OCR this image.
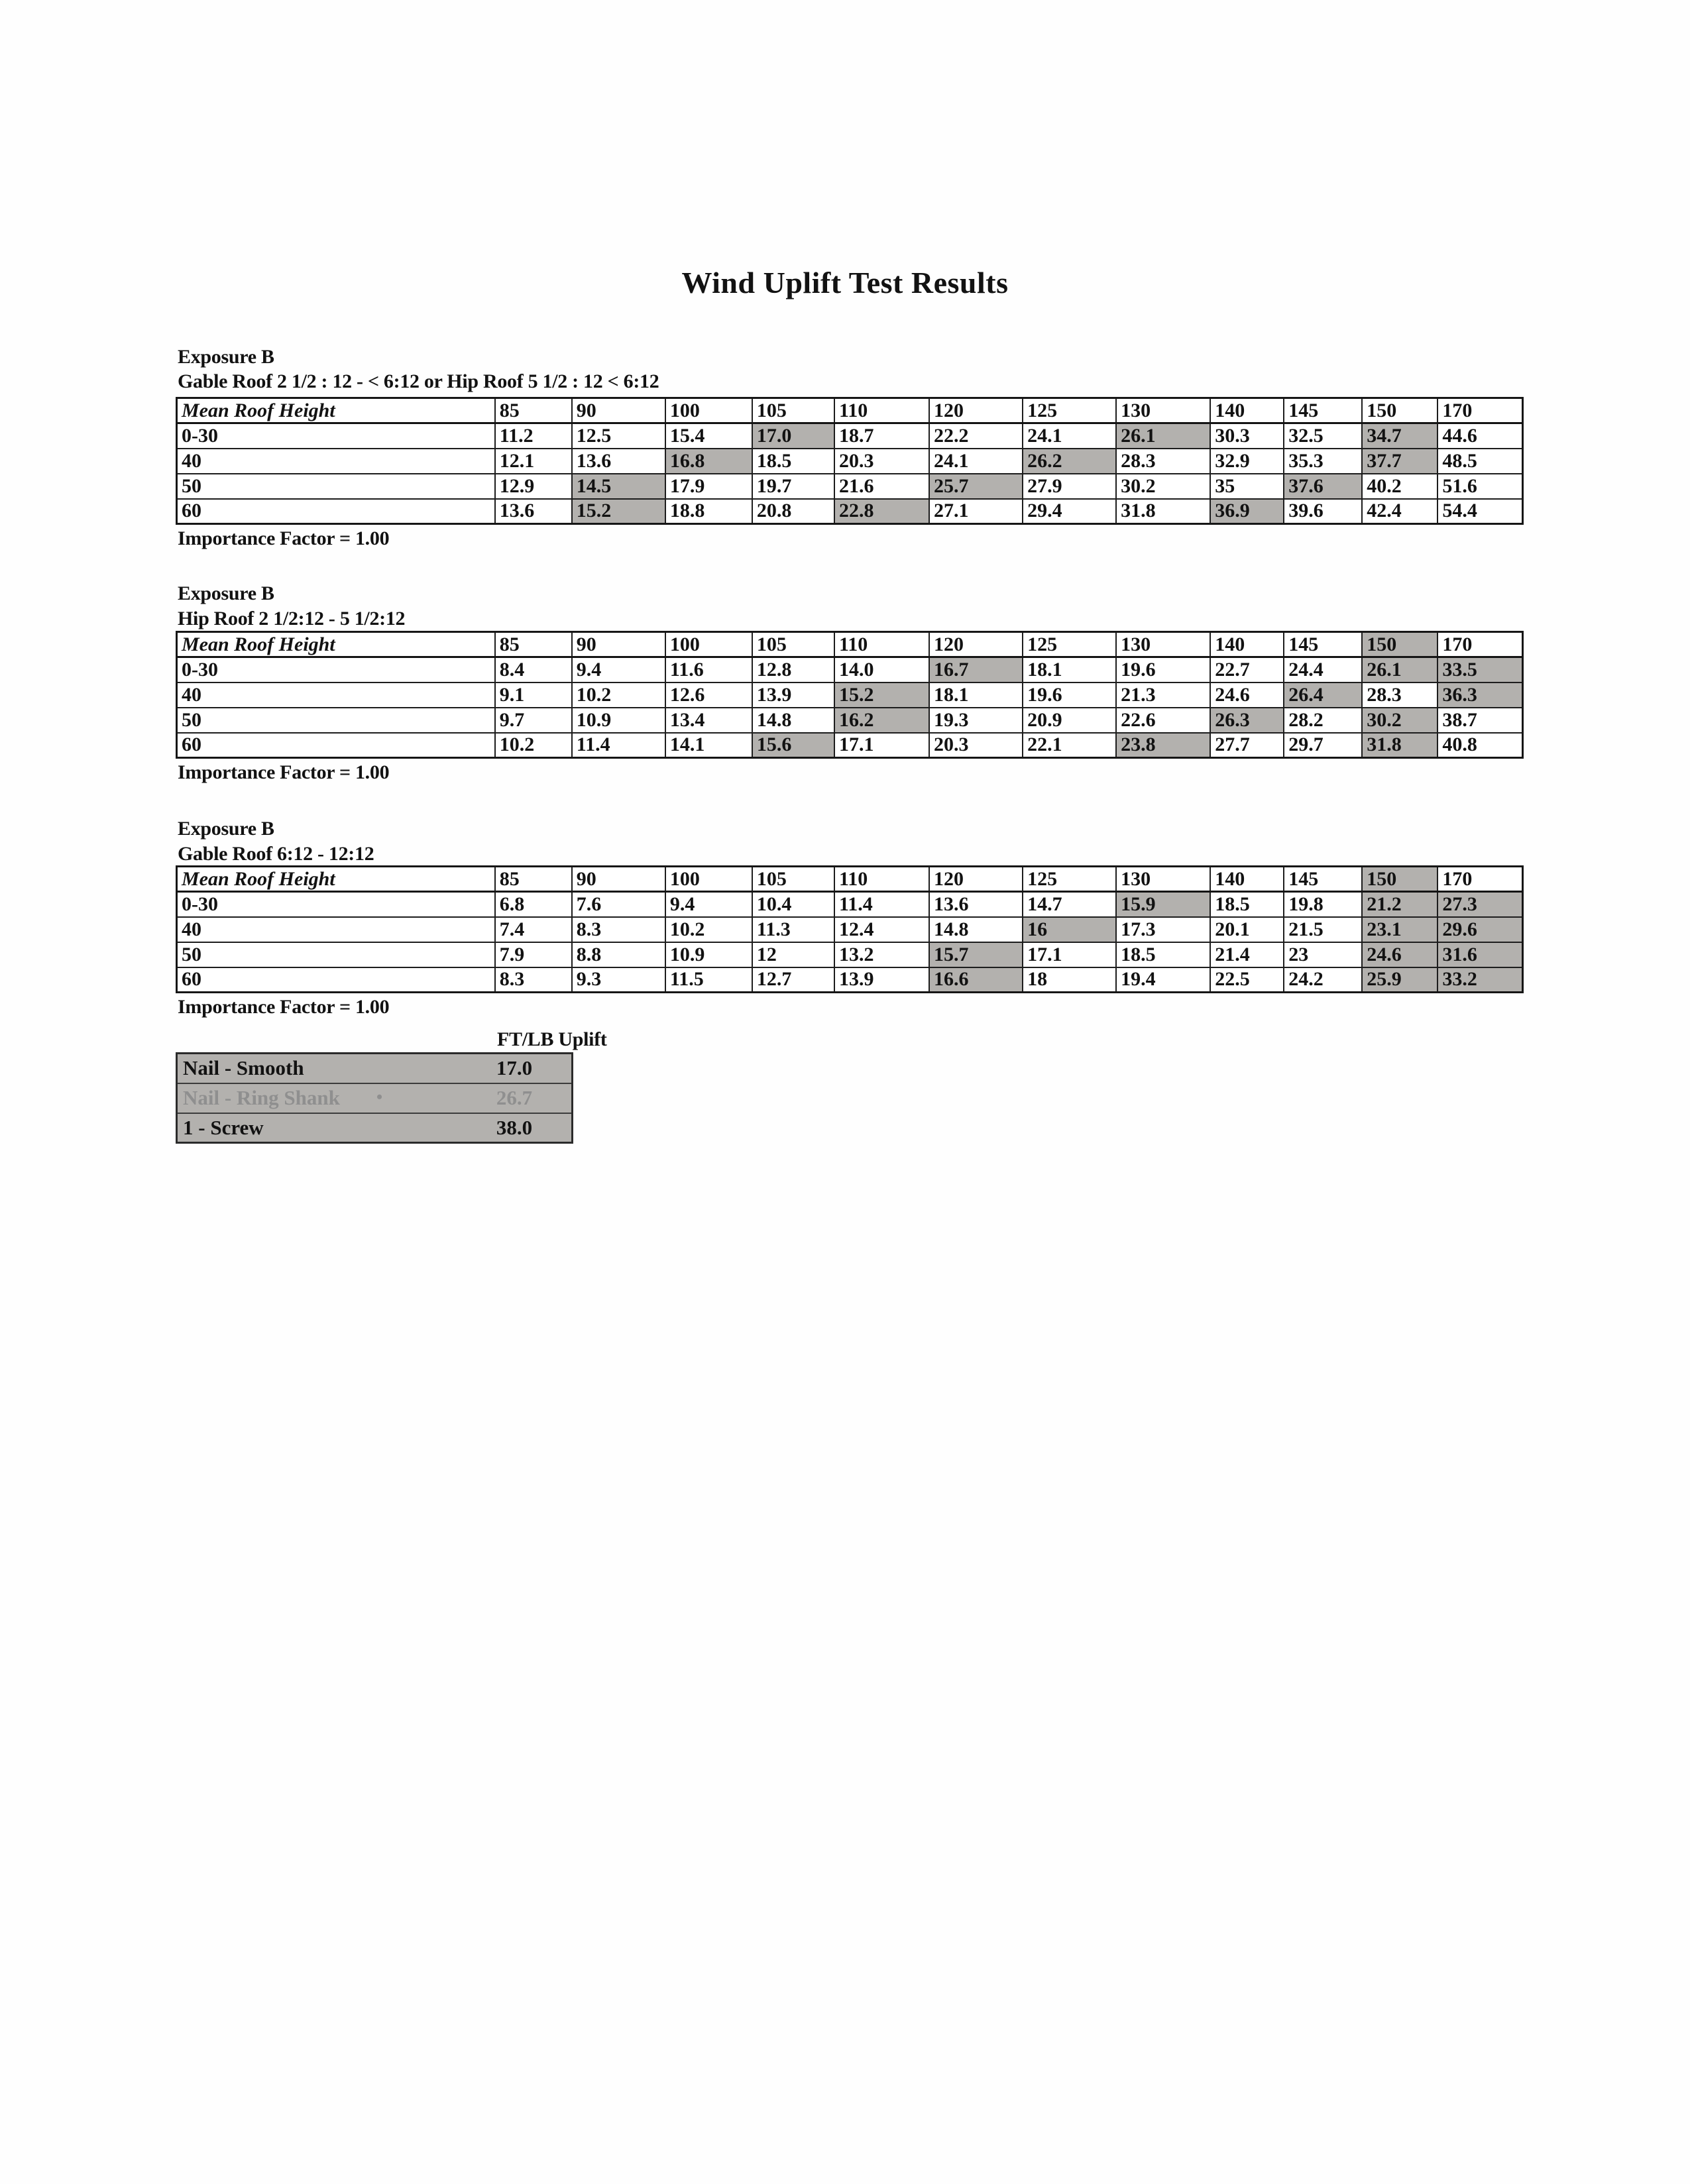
Wind Uplift Test Results
Exposure B
Gable Roof 2 1/2 : 12 - < 6:12 or Hip Roof 5 1/2 : 12 < 6:12
Mean Roof Height	85	90	100	105	110	120	125	130	140	145	150	170
0-30	11.2	12.5	15.4	17.0	18.7	22.2	24.1	26.1	30.3	32.5	34.7	44.6
40	12.1	13.6	16.8	18.5	20.3	24.1	26.2	28.3	32.9	35.3	37.7	48.5
50	12.9	14.5	17.9	19.7	21.6	25.7	27.9	30.2	35	37.6	40.2	51.6
60	13.6	15.2	18.8	20.8	22.8	27.1	29.4	31.8	36.9	39.6	42.4	54.4
Importance Factor = 1.00
Exposure B
Hip Roof 2 1/2:12 - 5 1/2:12
Mean Roof Height	85	90	100	105	110	120	125	130	140	145	150	170
0-30	8.4	9.4	11.6	12.8	14.0	16.7	18.1	19.6	22.7	24.4	26.1	33.5
40	9.1	10.2	12.6	13.9	15.2	18.1	19.6	21.3	24.6	26.4	28.3	36.3
50	9.7	10.9	13.4	14.8	16.2	19.3	20.9	22.6	26.3	28.2	30.2	38.7
60	10.2	11.4	14.1	15.6	17.1	20.3	22.1	23.8	27.7	29.7	31.8	40.8
Importance Factor = 1.00
Exposure B
Gable Roof 6:12 - 12:12
Mean Roof Height	85	90	100	105	110	120	125	130	140	145	150	170
0-30	6.8	7.6	9.4	10.4	11.4	13.6	14.7	15.9	18.5	19.8	21.2	27.3
40	7.4	8.3	10.2	11.3	12.4	14.8	16	17.3	20.1	21.5	23.1	29.6
50	7.9	8.8	10.9	12	13.2	15.7	17.1	18.5	21.4	23	24.6	31.6
60	8.3	9.3	11.5	12.7	13.9	16.6	18	19.4	22.5	24.2	25.9	33.2
Importance Factor = 1.00
FT/LB Uplift
Nail - Smooth	17.0
Nail - Ring Shank •	26.7
1 - Screw	38.0
